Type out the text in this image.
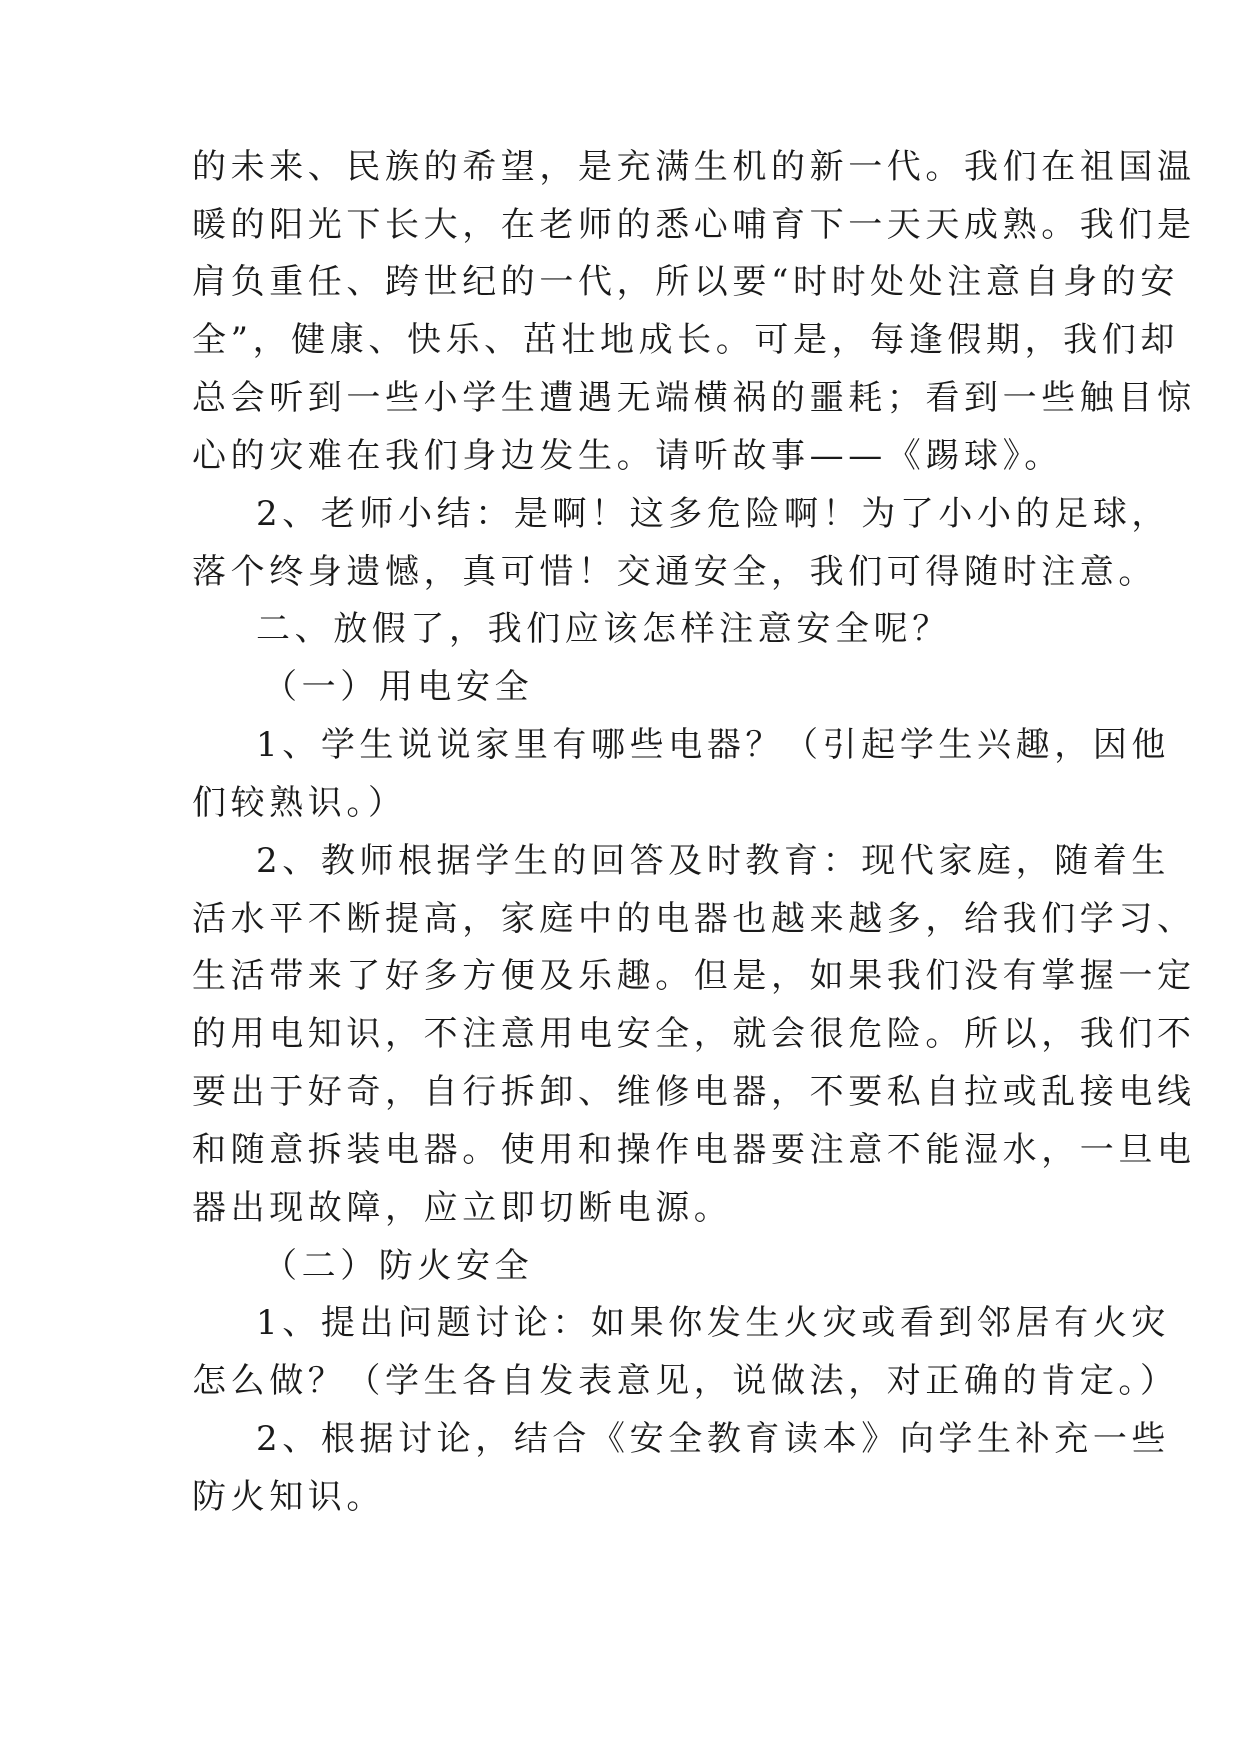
的未来、民族的希望，是充满生机的新一代。我们在祖国温
暖的阳光下长大，在老师的悉心哺育下一天天成熟。我们是
肩负重任、跨世纪的一代，所以要“时时处处注意自身的安
全”，健康、快乐、茁壮地成长。可是，每逢假期，我们却
总会听到一些小学生遭遇无端横祸的噩耗；看到一些触目惊
心的灾难在我们身边发生。请听故事——《踢球》。
2、老师小结：是啊！这多危险啊！为了小小的足球，
落个终身遗憾，真可惜！交通安全，我们可得随时注意。
二、放假了，我们应该怎样注意安全呢？
（一）用电安全
1、学生说说家里有哪些电器？（引起学生兴趣，因他
们较熟识。）
2、教师根据学生的回答及时教育：现代家庭，随着生
活水平不断提高，家庭中的电器也越来越多，给我们学习、
生活带来了好多方便及乐趣。但是，如果我们没有掌握一定
的用电知识，不注意用电安全，就会很危险。所以，我们不
要出于好奇，自行拆卸、维修电器，不要私自拉或乱接电线
和随意拆装电器。使用和操作电器要注意不能湿水，一旦电
器出现故障，应立即切断电源。
（二）防火安全
1、提出问题讨论：如果你发生火灾或看到邻居有火灾
怎么做？（学生各自发表意见，说做法，对正确的肯定。）
2、根据讨论，结合《安全教育读本》向学生补充一些
防火知识。
